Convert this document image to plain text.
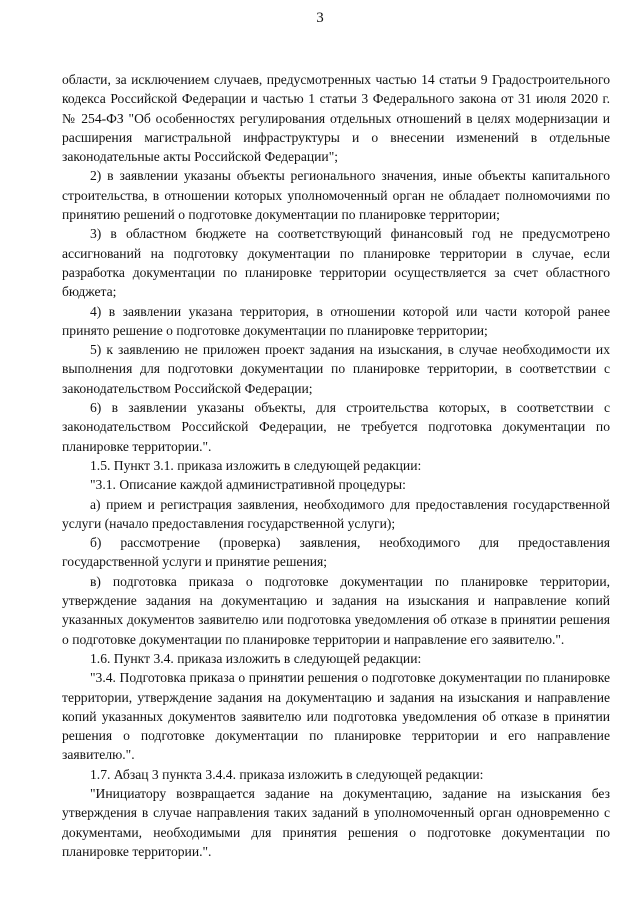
3

области, за исключением случаев, предусмотренных частью 14 статьи 9 Градостроительного кодекса Российской Федерации и частью 1 статьи 3 Федерального закона от 31 июля 2020 г. № 254-ФЗ "Об особенностях регулирования отдельных отношений в целях модернизации и расширения магистральной инфраструктуры и о внесении изменений в отдельные законодательные акты Российской Федерации";

2) в заявлении указаны объекты регионального значения, иные объекты капитального строительства, в отношении которых уполномоченный орган не обладает полномочиями по принятию решений о подготовке документации по планировке территории;

3) в областном бюджете на соответствующий финансовый год не предусмотрено ассигнований на подготовку документации по планировке территории в случае, если разработка документации по планировке территории осуществляется за счет областного бюджета;

4) в заявлении указана территория, в отношении которой или части которой ранее принято решение о подготовке документации по планировке территории;

5) к заявлению не приложен проект задания на изыскания, в случае необходимости их выполнения для подготовки документации по планировке территории, в соответствии с законодательством Российской Федерации;

6) в заявлении указаны объекты, для строительства которых, в соответствии с законодательством Российской Федерации, не требуется подготовка документации по планировке территории.".

1.5. Пункт 3.1. приказа изложить в следующей редакции:

"3.1. Описание каждой административной процедуры:

а) прием и регистрация заявления, необходимого для предоставления государственной услуги (начало предоставления государственной услуги);

б) рассмотрение (проверка) заявления, необходимого для предоставления государственной услуги и принятие решения;

в) подготовка приказа о подготовке документации по планировке территории, утверждение задания на документацию и задания на изыскания и направление копий указанных документов заявителю или подготовка уведомления об отказе в принятии решения о подготовке документации по планировке территории и направление его заявителю.".

1.6. Пункт 3.4. приказа изложить в следующей редакции:

"3.4. Подготовка приказа о принятии решения о подготовке документации по планировке территории, утверждение задания на документацию и задания на изыскания и направление копий указанных документов заявителю или подготовка уведомления об отказе в принятии решения о подготовке документации по планировке территории и его направление заявителю.".

1.7. Абзац 3 пункта 3.4.4. приказа изложить в следующей редакции:

"Инициатору возвращается задание на документацию, задание на изыскания без утверждения в случае направления таких заданий в уполномоченный орган одновременно с документами, необходимыми для принятия решения о подготовке документации по планировке территории.".
